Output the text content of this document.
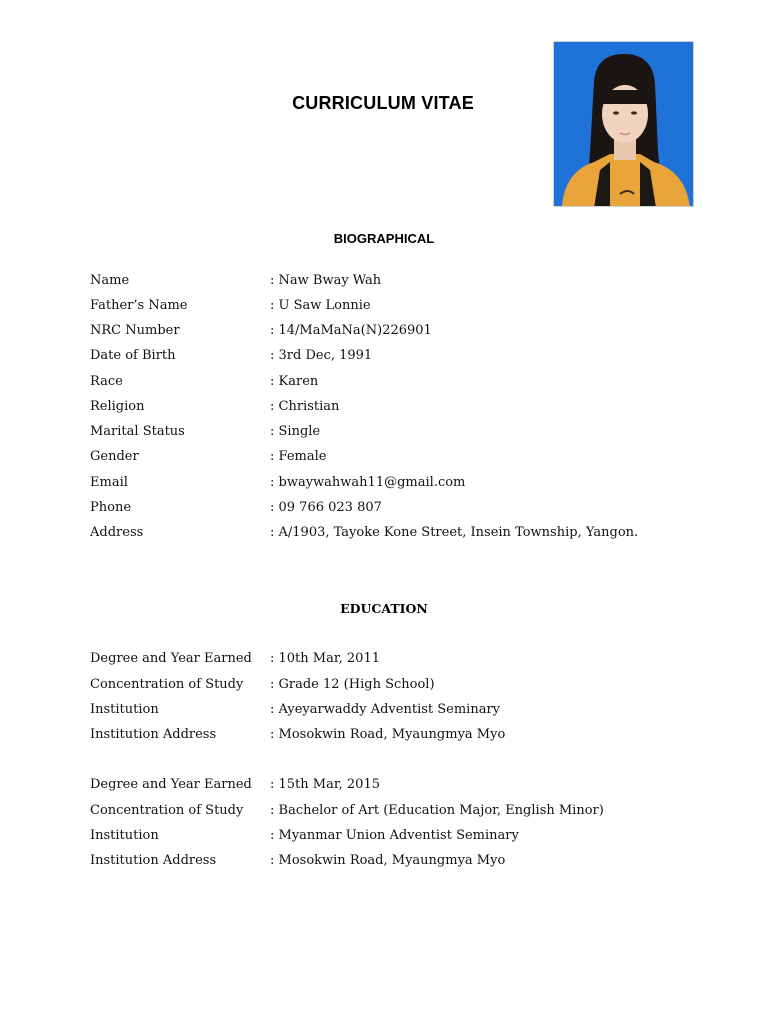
CURRICULUM VITAE
BIOGRAPHICAL
Name	: Naw Bway Wah
Father’s Name	: U Saw Lonnie
NRC Number	: 14/MaMaNa(N)226901
Date of Birth	: 3rd Dec, 1991
Race	: Karen
Religion	: Christian
Marital Status	: Single
Gender	: Female
Email	: bwaywahwah11@gmail.com
Phone	: 09 766 023 807
Address	: A/1903, Tayoke Kone Street, Insein Township, Yangon.
EDUCATION
Degree and Year Earned : 10th Mar, 2011
Concentration of Study : Grade 12 (High School)
Institution	: Ayeyarwaddy Adventist Seminary
Institution Address	: Mosokwin Road, Myaungmya Myo
Degree and Year Earned : 15th Mar, 2015
Concentration of Study : Bachelor of Art (Education Major, English Minor)
Institution	: Myanmar Union Adventist Seminary
Institution Address	: Mosokwin Road, Myaungmya Myo
